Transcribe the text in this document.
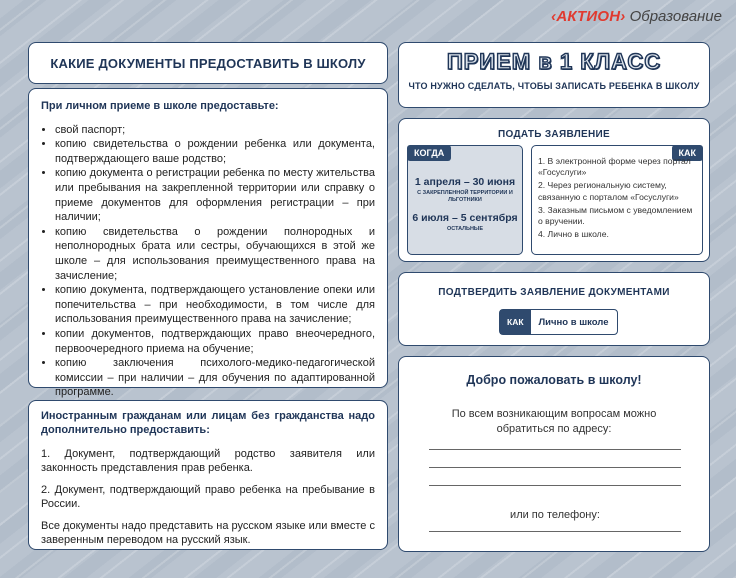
‹АКТИОН› Образование
КАКИЕ ДОКУМЕНТЫ ПРЕДОСТАВИТЬ В ШКОЛУ
При личном приеме в школе предоставьте:
• свой паспорт;
• копию свидетельства о рождении ребенка или документа, подтверждающего ваше родство;
• копию документа о регистрации ребенка по месту жительства или пребывания на закрепленной территории или справку о приеме документов для оформления регистрации – при наличии;
• копию свидетельства о рождении полнородных и неполнородных брата или сестры, обучающихся в этой же школе – для использования преимущественного права на зачисление;
• копию документа, подтверждающего установление опеки или попечительства – при необходимости, в том числе для использования преимущественного права на зачисление;
• копии документов, подтверждающих право внеочередного, первоочередного приема на обучение;
• копию заключения психолого-медико-педагогической комиссии – при наличии – для обучения по адаптированной программе.
Иностранным гражданам или лицам без гражданства надо дополнительно предоставить:

1. Документ, подтверждающий родство заявителя или законность представления прав ребенка.

2. Документ, подтверждающий право ребенка на пребывание в России.

Все документы надо представить на русском языке или вместе с заверенным переводом на русский язык.

ПРИЕМ в 1 КЛАСС
ЧТО НУЖНО СДЕЛАТЬ, ЧТОБЫ ЗАПИСАТЬ РЕБЕНКА В ШКОЛУ
ПОДАТЬ ЗАЯВЛЕНИЕ
КОГДА
1 апреля – 30 июня
С ЗАКРЕПЛЕННОЙ ТЕРРИТОРИИ И ЛЬГОТНИКИ
6 июля – 5 сентября
ОСТАЛЬНЫЕ
КАК
1. В электронной форме через портал «Госуслуги»
2. Через региональную систему, связанную с порталом «Госуслуги»
3. Заказным письмом с уведомлением о вручении.
4. Лично в школе.
ПОДТВЕРДИТЬ ЗАЯВЛЕНИЕ ДОКУМЕНТАМИ
КАК	Лично в школе
Добро пожаловать в школу!
По всем возникающим вопросам можно обратиться по адресу:
или по телефону:
